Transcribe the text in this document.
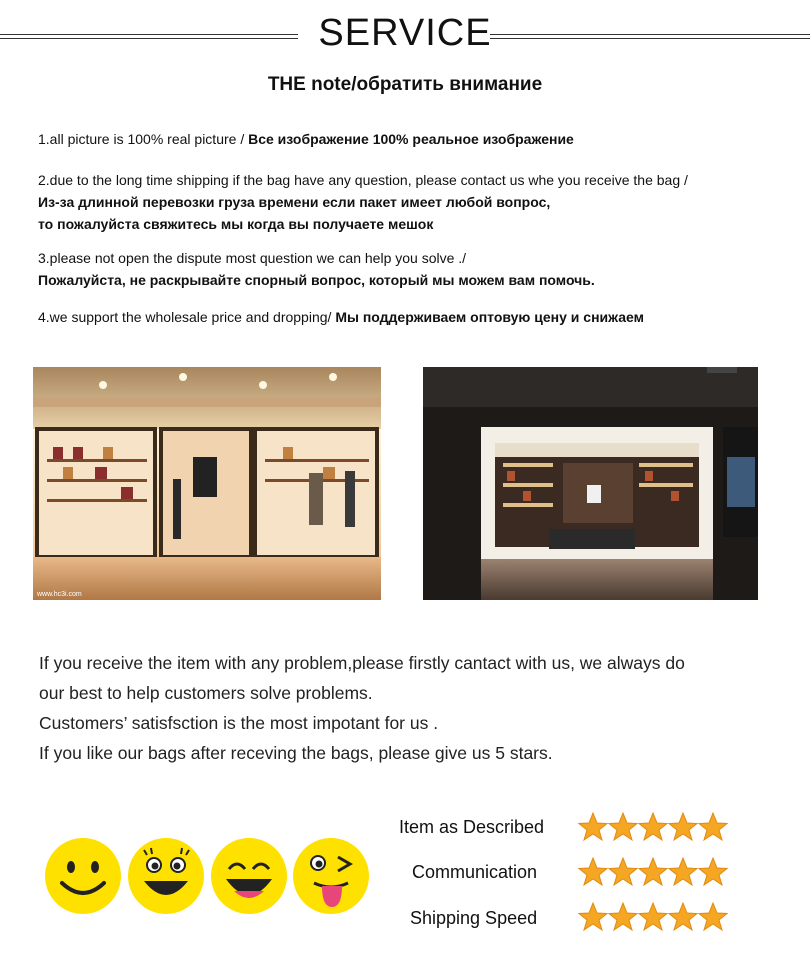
SERVICE
THE note/обратить внимание
1.all picture is 100% real picture / Все изображение 100% реальное изображение
2.due to the long time shipping if the bag have any question, please contact us whe you receive the bag /
Из-за длинной перевозки груза времени если пакет имеет любой вопрос,
то пожалуйста свяжитесь мы когда вы получаете мешок
3.please not open the dispute most question we can help you solve ./
Пожалуйста, не раскрывайте спорный вопрос, который мы можем вам помочь.
4.we support the wholesale price and dropping/ Мы поддерживаем оптовую цену и снижаем
www.hc3i.com
If you receive the item with any problem,please firstly cantact with us, we always do
our best to help customers solve problems.
Customers’ satisfsction is the most impotant for us .
If you like our bags after receving the bags, please give us 5 stars.
Item as Described
Communication
Shipping Speed
